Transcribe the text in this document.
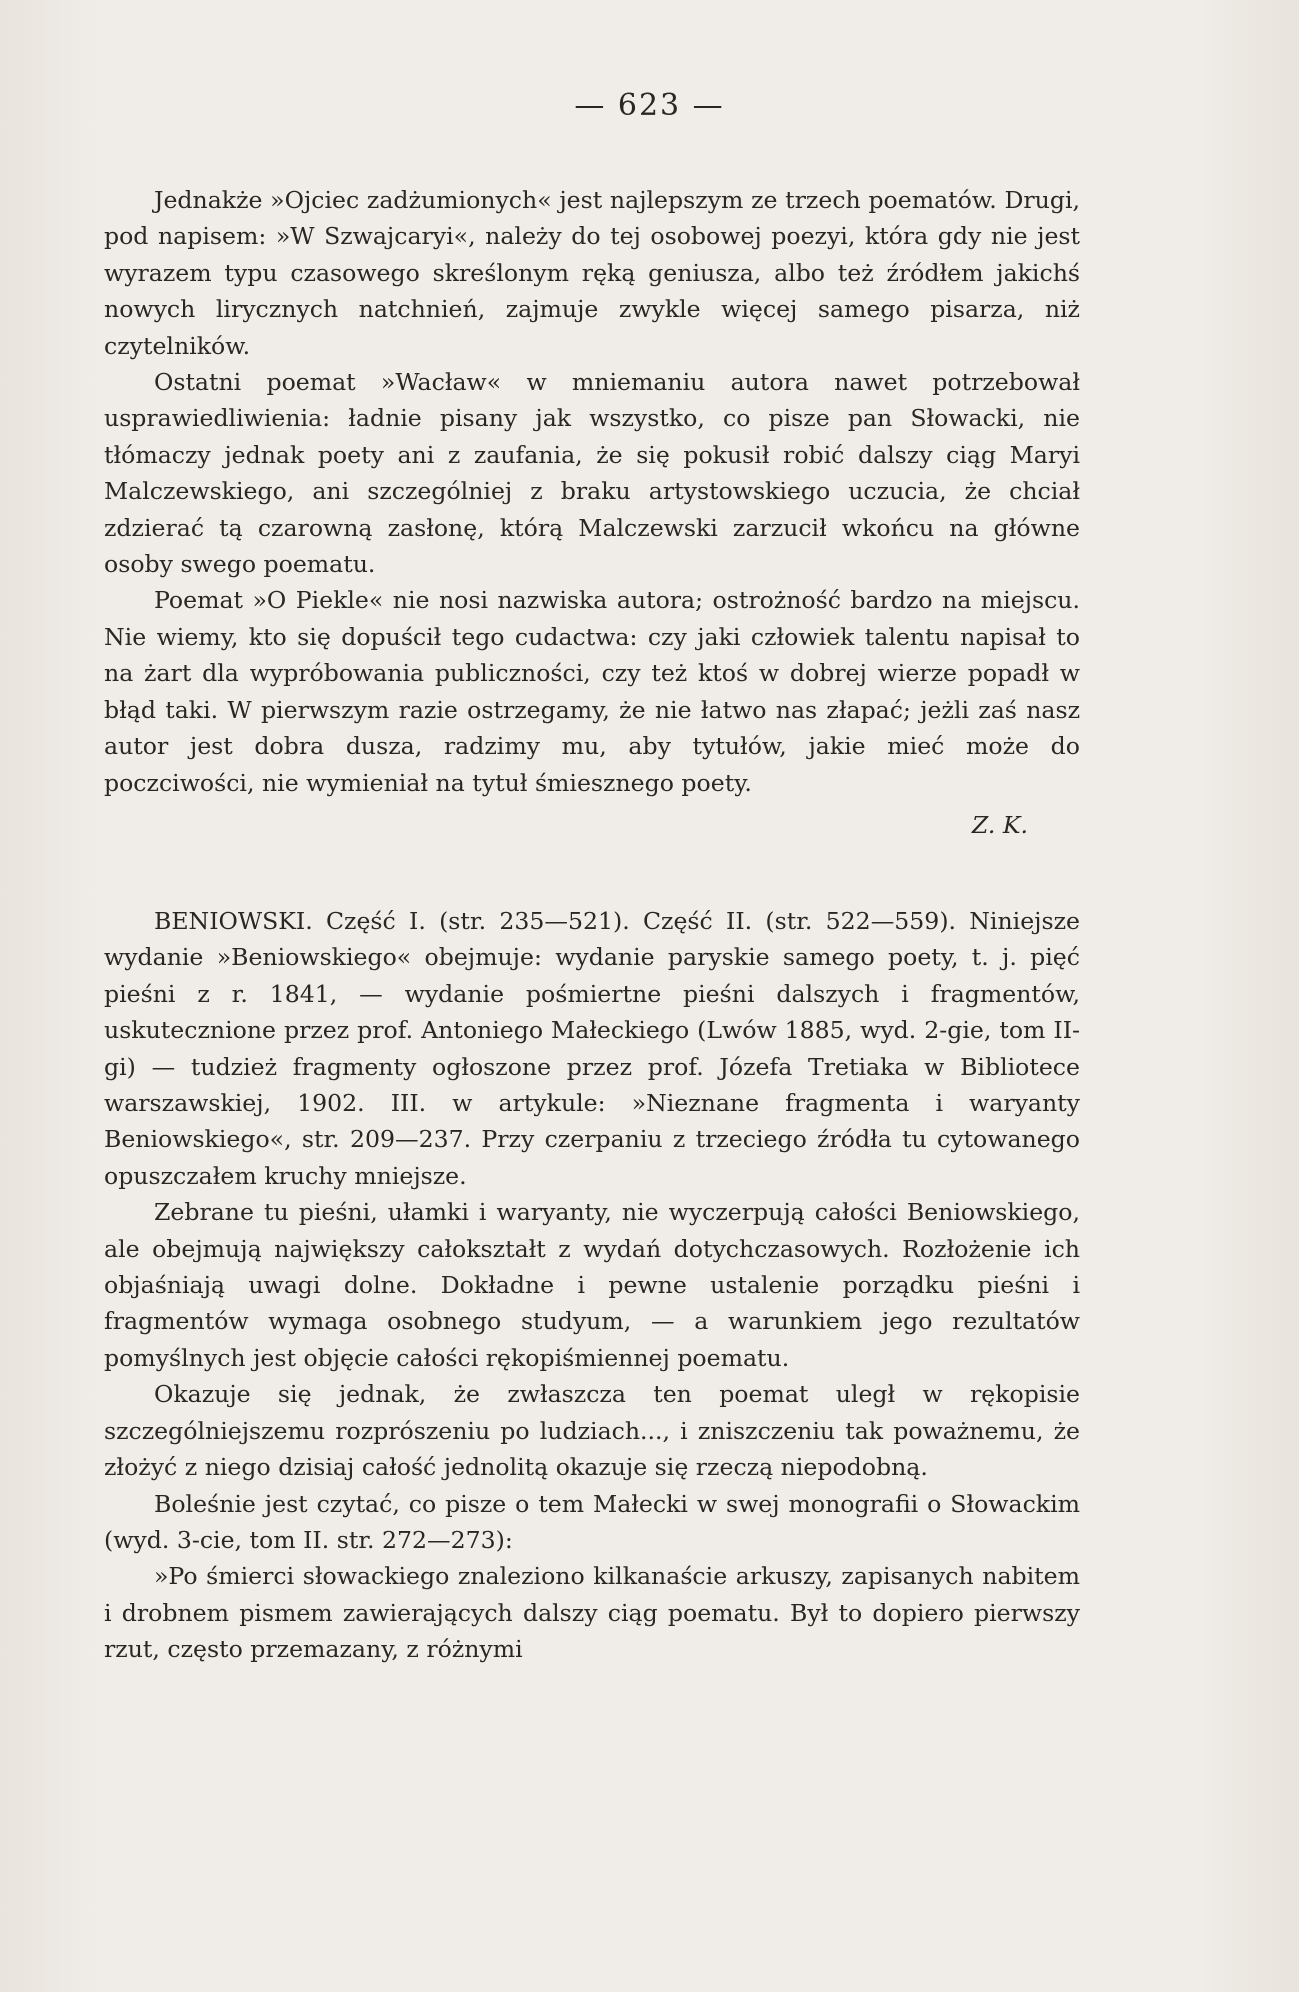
— 623 —

Jednakże »Ojciec zadżumionych« jest najlepszym ze trzech poematów. Drugi, pod napisem: »W Szwajcaryi«, należy do tej osobowej poezyi, która gdy nie jest wyrazem typu czasowego skreślonym ręką geniusza, albo też źródłem jakichś nowych lirycznych natchnień, zajmuje zwykle więcej samego pisarza, niż czytelników.

Ostatni poemat »Wacław« w mniemaniu autora nawet potrzebował usprawiedliwienia: ładnie pisany jak wszystko, co pisze pan Słowacki, nie tłómaczy jednak poety ani z zaufania, że się pokusił robić dalszy ciąg Maryi Malczewskiego, ani szczególniej z braku artystowskiego uczucia, że chciał zdzierać tą czarowną zasłonę, którą Malczewski zarzucił wkońcu na główne osoby swego poematu.

Poemat »O Piekle« nie nosi nazwiska autora; ostrożność bardzo na miejscu. Nie wiemy, kto się dopuścił tego cudactwa: czy jaki człowiek talentu napisał to na żart dla wypróbowania publiczności, czy też ktoś w dobrej wierze popadł w błąd taki. W pierwszym razie ostrzegamy, że nie łatwo nas złapać; jeżli zaś nasz autor jest dobra dusza, radzimy mu, aby tytułów, jakie mieć może do poczciwości, nie wymieniał na tytuł śmiesznego poety.

Z. K.

BENIOWSKI. Część I. (str. 235—521). Część II. (str. 522—559). Niniejsze wydanie »Beniowskiego« obejmuje: wydanie paryskie samego poety, t. j. pięć pieśni z r. 1841, — wydanie pośmiertne pieśni dalszych i fragmentów, uskutecznione przez prof. Antoniego Małeckiego (Lwów 1885, wyd. 2-gie, tom II-gi) — tudzież fragmenty ogłoszone przez prof. Józefa Tretiaka w Bibliotece warszawskiej, 1902. III. w artykule: »Nieznane fragmenta i waryanty Beniowskiego«, str. 209—237. Przy czerpaniu z trzeciego źródła tu cytowanego opuszczałem kruchy mniejsze.

Zebrane tu pieśni, ułamki i waryanty, nie wyczerpują całości Beniowskiego, ale obejmują największy całokształt z wydań dotychczasowych. Rozłożenie ich objaśniają uwagi dolne. Dokładne i pewne ustalenie porządku pieśni i fragmentów wymaga osobnego studyum, — a warunkiem jego rezultatów pomyślnych jest objęcie całości rękopiśmiennej poematu.

Okazuje się jednak, że zwłaszcza ten poemat uległ w rękopisie szczególniejszemu rozprószeniu po ludziach..., i zniszczeniu tak poważnemu, że złożyć z niego dzisiaj całość jednolitą okazuje się rzeczą niepodobną.

Boleśnie jest czytać, co pisze o tem Małecki w swej monografii o Słowackim (wyd. 3-cie, tom II. str. 272—273):

»Po śmierci słowackiego znaleziono kilkanaście arkuszy, zapisanych nabitem i drobnem pismem zawierających dalszy ciąg poematu. Był to dopiero pierwszy rzut, często przemazany, z różnymi
